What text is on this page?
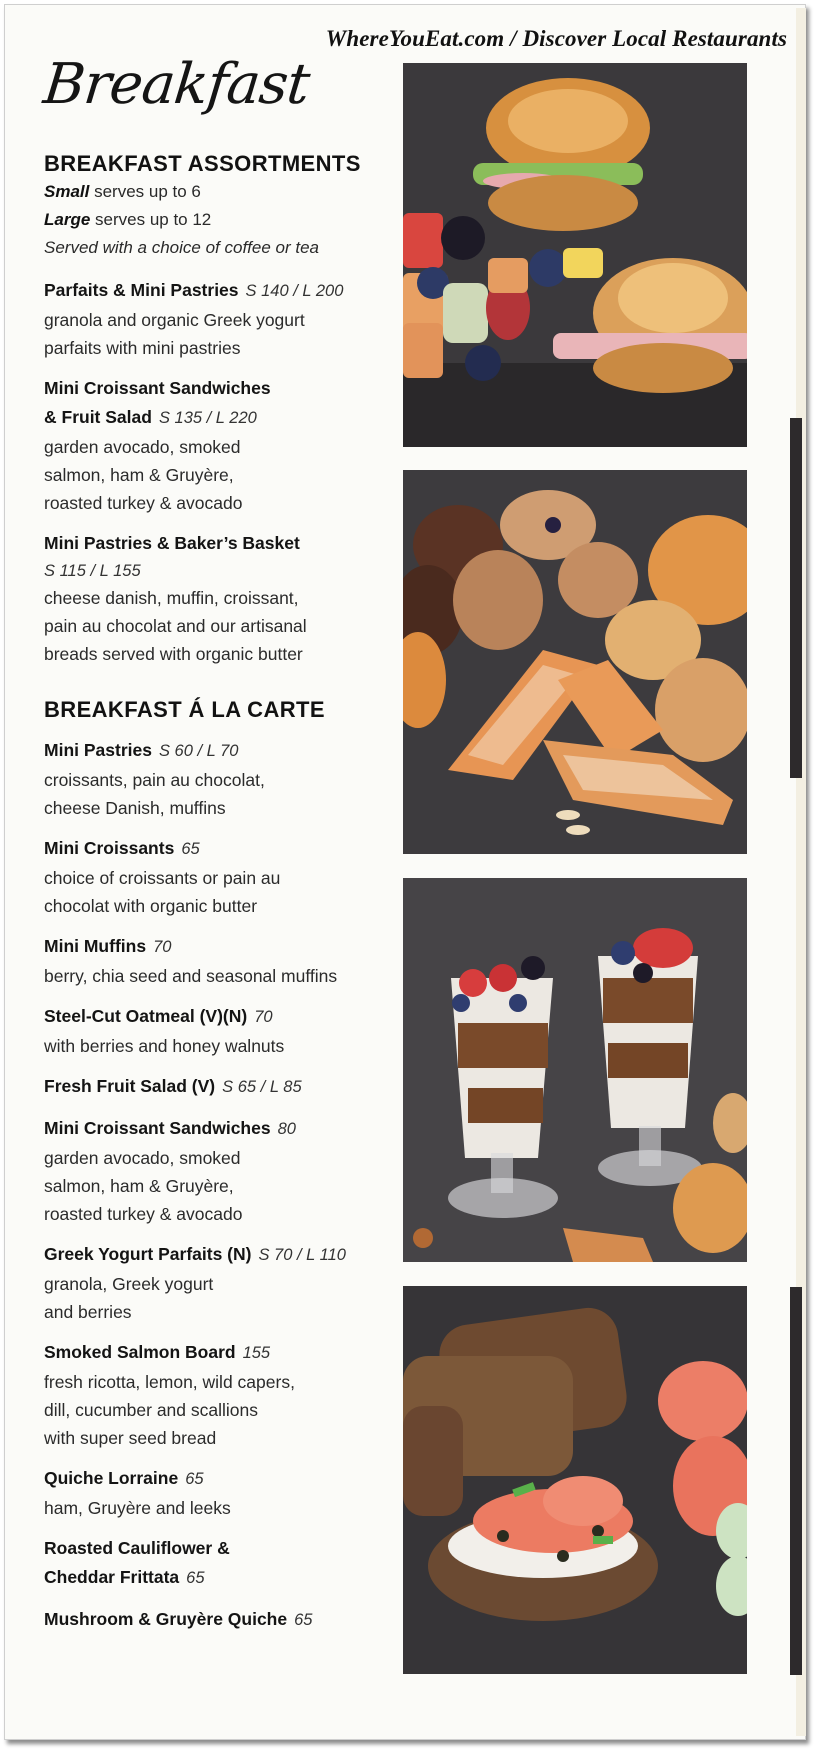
WhereYouEat.com / Discover Local Restaurants
Breakfast
BREAKFAST ASSORTMENTS
Small serves up to 6
Large serves up to 12
Served with a choice of coffee or tea
Parfaits & Mini Pastries S 140 / L 200
granola and organic Greek yogurt
parfaits with mini pastries
Mini Croissant Sandwiches
& Fruit Salad S 135 / L 220
garden avocado, smoked
salmon, ham & Gruyère,
roasted turkey & avocado
Mini Pastries & Baker’s Basket
S 115 / L 155
cheese danish, muffin, croissant,
pain au chocolat and our artisanal
breads served with organic butter
BREAKFAST Á LA CARTE
Mini Pastries S 60 / L 70
croissants, pain au chocolat,
cheese Danish, muffins
Mini Croissants 65
choice of croissants or pain au
chocolat with organic butter
Mini Muffins 70
berry, chia seed and seasonal muffins
Steel-Cut Oatmeal (V)(N) 70
with berries and honey walnuts
Fresh Fruit Salad (V) S 65 / L 85
Mini Croissant Sandwiches 80
garden avocado, smoked
salmon, ham & Gruyère,
roasted turkey & avocado
Greek Yogurt Parfaits (N) S 70 / L 110
granola, Greek yogurt
and berries
Smoked Salmon Board 155
fresh ricotta, lemon, wild capers,
dill, cucumber and scallions
with super seed bread
Quiche Lorraine 65
ham, Gruyère and leeks
Roasted Cauliflower &
Cheddar Frittata 65
Mushroom & Gruyère Quiche 65
